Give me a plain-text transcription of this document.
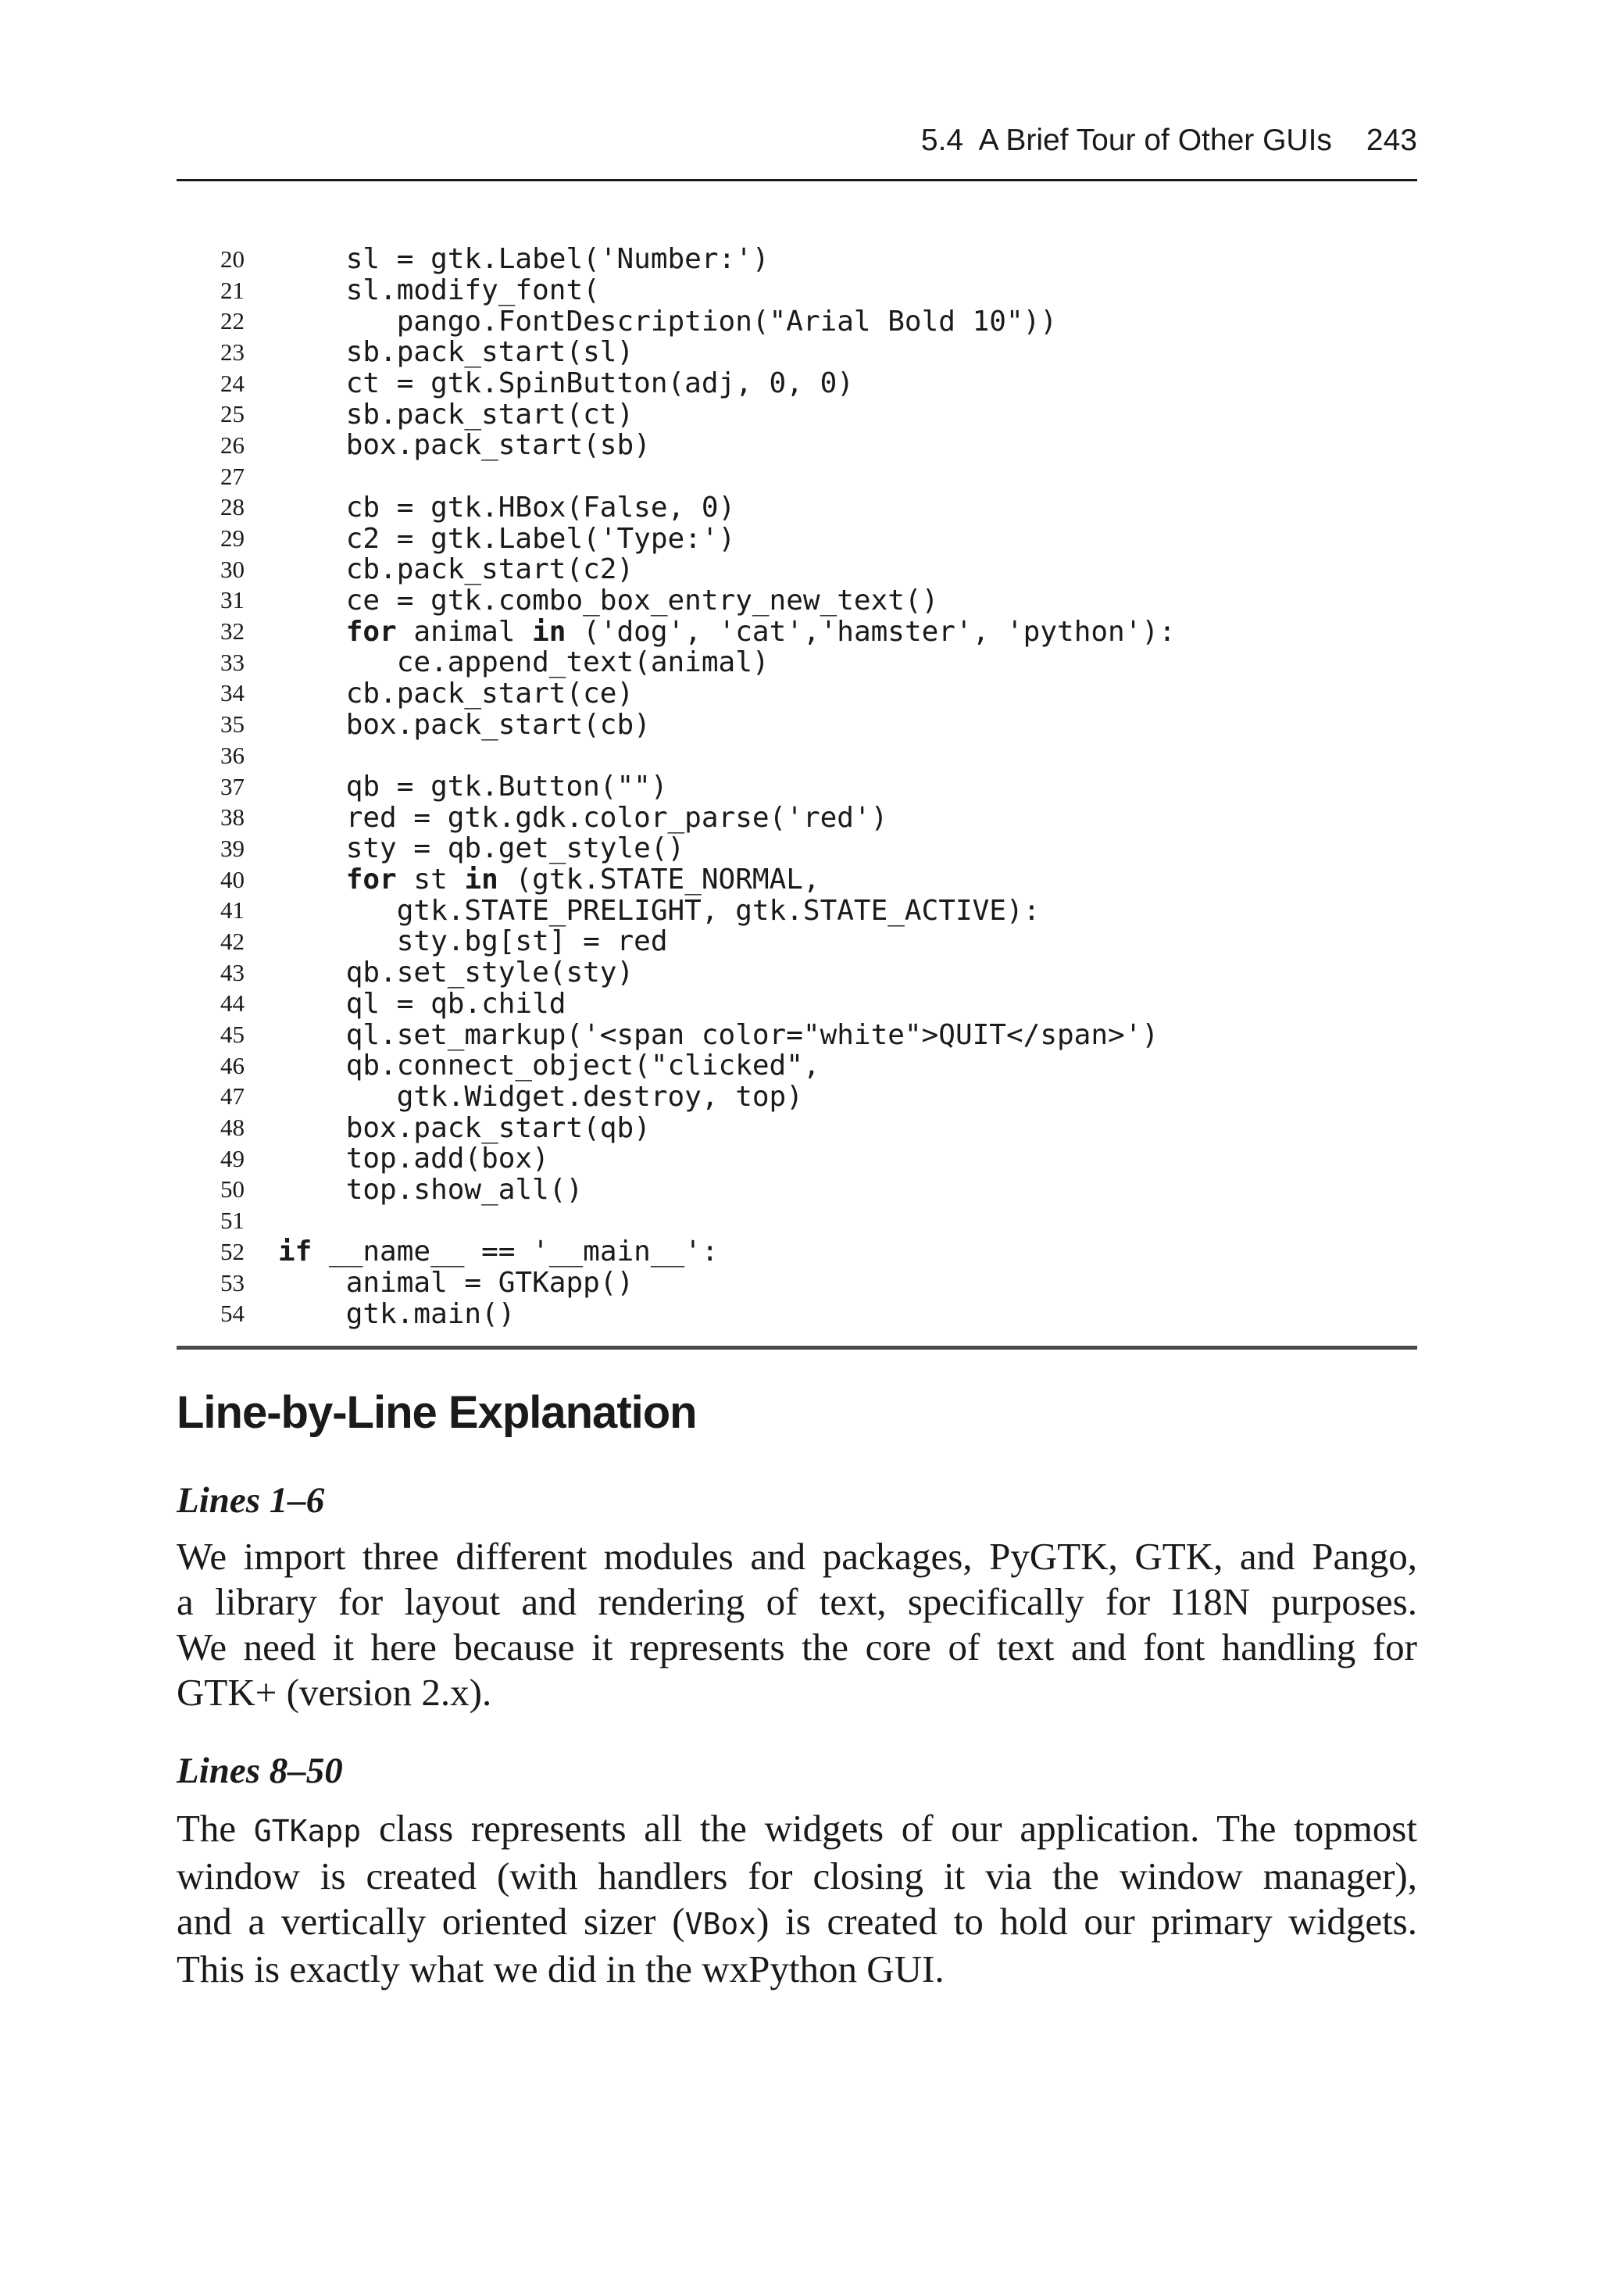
5.4  A Brief Tour of Other GUIs 243
20 sl = gtk.Label('Number:')
21 sl.modify_font(
22 pango.FontDescription("Arial Bold 10"))
23 sb.pack_start(sl)
24 ct = gtk.SpinButton(adj, 0, 0)
25 sb.pack_start(ct)
26 box.pack_start(sb)
27
28 cb = gtk.HBox(False, 0)
29 c2 = gtk.Label('Type:')
30 cb.pack_start(c2)
31 ce = gtk.combo_box_entry_new_text()
32	for animal in ('dog', 'cat','hamster', 'python'):
33 ce.append_text(animal)
34 cb.pack_start(ce)
35 box.pack_start(cb)
36
37 qb = gtk.Button("")
38 red = gtk.gdk.color_parse('red')
39 sty = qb.get_style()
40	for st in (gtk.STATE_NORMAL,
41 gtk.STATE_PRELIGHT, gtk.STATE_ACTIVE):
42 sty.bg[st] = red
43 qb.set_style(sty)
44 ql = qb.child
45 ql.set_markup('<span color="white">QUIT</span>')
46 qb.connect_object("clicked",
47 gtk.Widget.destroy, top)
48 box.pack_start(qb)
49 top.add(box)
50 top.show_all()
51
52 if __name__ == '__main__':
53 animal = GTKapp()
54 gtk.main()
Line-by-Line Explanation
Lines 1–6

We import three different modules and packages, PyGTK, GTK, and Pango,
a library for layout and rendering of text, specifically for I18N purposes.
We need it here because it represents the core of text and font handling for
GTK+ (version 2.x).

Lines 8–50

The GTKapp class represents all the widgets of our application. The topmost
window is created (with handlers for closing it via the window manager),
and a vertically oriented sizer (VBox) is created to hold our primary widgets.
This is exactly what we did in the wxPython GUI.
